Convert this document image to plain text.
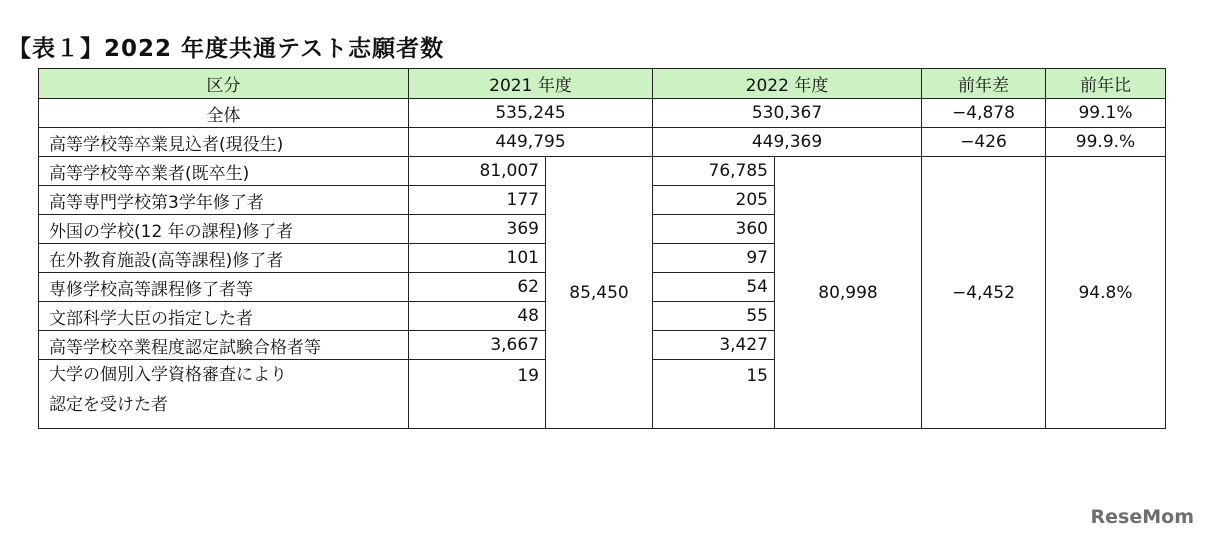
【表１】2022 年度共通テスト志願者数
区分	2021 年度		2022 年度		前年差	前年比
全体	535,245		530,367		−4,878	99.1%
高等学校等卒業見込者(現役生)	449,795		449,369		−426	99.9.%
高等学校等卒業者(既卒生)	81,007	85,450	76,785	80,998	−4,452	94.8%
高等専門学校第3学年修了者	177		205			
外国の学校(12 年の課程)修了者	369		360			
在外教育施設(高等課程)修了者	101		97			
専修学校高等課程修了者等	62		54			
文部科学大臣の指定した者	48		55			
高等学校卒業程度認定試験合格者等	3,667		3,427			
大学の個別入学資格審査により認定を受けた者	19		15			
ReseMom
